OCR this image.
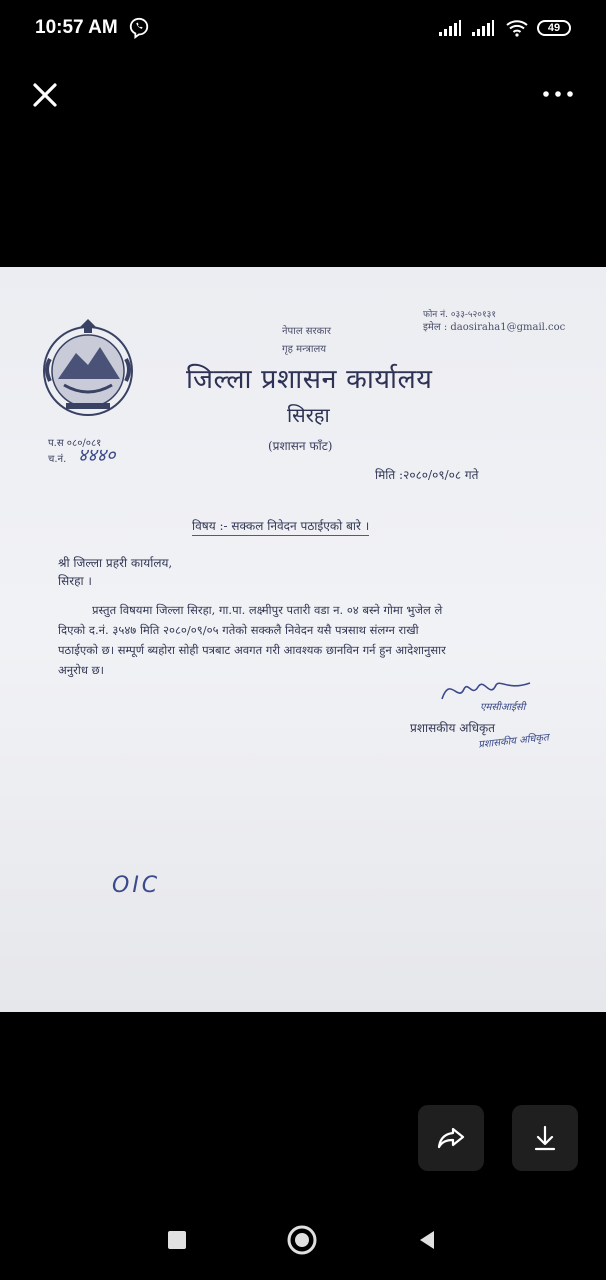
10:57 AM	49
फोन नं. ०३३-५२०१३१
इमेल : daosiraha1@gmail.coc
नेपाल सरकार
गृह मन्त्रालय
जिल्ला प्रशासन कार्यालय
सिरहा
(प्रशासन फाँट)
प.स ०८०/०८१
च.नं. ४४४०
मिति :२०८०/०९/०८ गते
विषय :- सक्कल निवेदन पठाईएको बारे ।
श्री जिल्ला प्रहरी कार्यालय,
सिरहा ।
प्रस्तुत विषयमा जिल्ला सिरहा, गा.पा. लक्ष्मीपुर पतारी वडा न. ०४ बस्ने गोमा भुजेल ले
दिएको द.नं. ३५४७ मिति २०८०/०९/०५ गतेको सक्कलै निवेदन यसै पत्रसाथ संलग्न राखी
पठाईएको छ। सम्पूर्ण ब्यहोरा सोही पत्रबाट अवगत गरी आवश्यक छानविन गर्न हुन आदेशानुसार
अनुरोध छ।
एमसीआईसी
प्रशासकीय अधिकृत
प्रशासकीय अधिकृत
OIC
